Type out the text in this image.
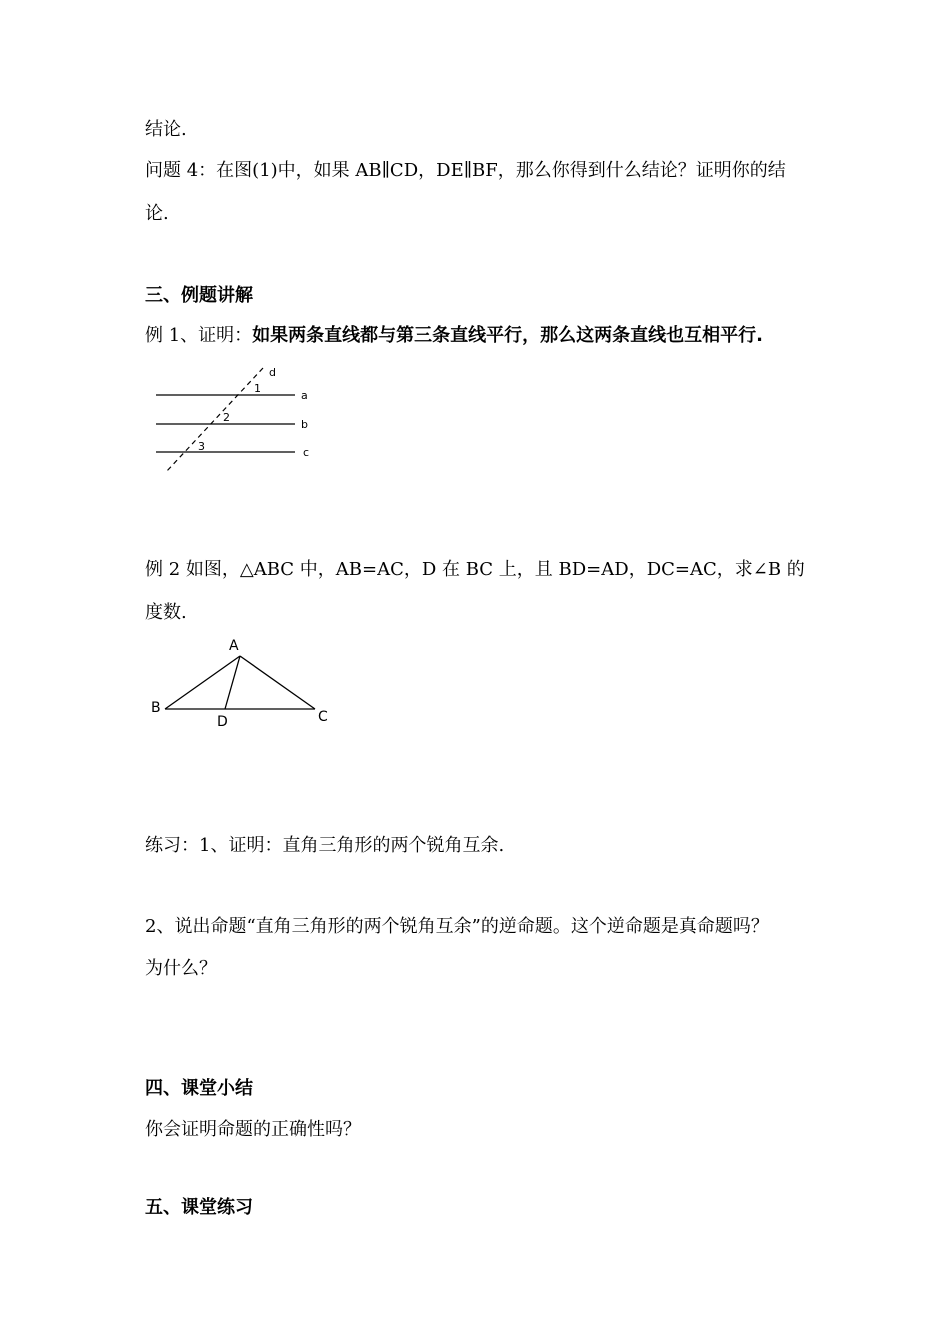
结论.
问题 4：在图(1)中，如果 AB∥CD，DE∥BF，那么你得到什么结论？证明你的结
论.
三、例题讲解
例 1、证明：如果两条直线都与第三条直线平行，那么这两条直线也互相平行.
d
a
b
c
1
2
3
例 2 如图，△ABC 中，AB=AC，D 在 BC 上，且 BD=AD，DC=AC，求∠B 的
度数.
A
B
C
D
练习：1、证明：直角三角形的两个锐角互余.
2、说出命题“直角三角形的两个锐角互余”的逆命题。这个逆命题是真命题吗？
为什么？
四、课堂小结
你会证明命题的正确性吗？
五、课堂练习
